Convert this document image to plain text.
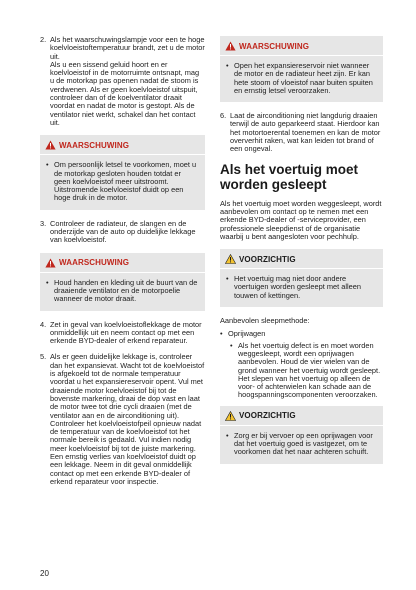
2. Als het waarschuwingslampje voor een te hoge koelvloeistoftemperatuur brandt, zet u de motor uit.

Als u een sissend geluid hoort en er koelvloeistof in de motorruimte ontsnapt, mag u de motorkap pas openen nadat de stoom is verdwenen. Als er geen koelvloeistof uitspuit, controleer dan of de koelventilator draait voordat en nadat de motor is gestopt. Als de ventilator niet werkt, schakel dan het contact uit.

WAARSCHUWING
• Om persoonlijk letsel te voorkomen, moet u de motorkap gesloten houden totdat er geen koelvloeistof meer uitstroomt. Uitstromende koelvloeistof duidt op een hoge druk in de motor.
3. Controleer de radiateur, de slangen en de onderzijde van de auto op duidelijke lekkage van koelvloeistof.
WAARSCHUWING
• Houd handen en kleding uit de buurt van de draaiende ventilator en de motorpoelie wanneer de motor draait.
4. Zet in geval van koelvloeistoflekkage de motor onmiddellijk uit en neem contact op met een erkende BYD-dealer of erkend reparateur.
5. Als er geen duidelijke lekkage is, controleer dan het expansievat. Wacht tot de koelvloeistof is afgekoeld tot de normale temperatuur voordat u het expansiereservoir opent. Vul met draaiende motor koelvloeistof bij tot de bovenste markering, draai de dop vast en laat de motor twee tot drie cycli draaien (met de ventilator aan en de airconditioning uit). Controleer het koelvloeistofpeil opnieuw nadat de temperatuur van de koelvloeistof tot het normale bereik is gedaald. Vul indien nodig meer koelvloeistof bij tot de juiste markering. Een ernstig verlies van koelvloeistof duidt op een lekkage. Neem in dit geval onmiddellijk contact op met een erkende BYD-dealer of erkend reparateur voor inspectie.
WAARSCHUWING
• Open het expansiereservoir niet wanneer de motor en de radiateur heet zijn. Er kan hete stoom of vloeistof naar buiten spuiten en ernstig letsel veroorzaken.
6. Laat de airconditioning niet langdurig draaien terwijl de auto geparkeerd staat. Hierdoor kan het motortoerental toenemen en kan de motor oververhit raken, wat kan leiden tot brand of een ongeval.
Als het voertuig moet worden gesleept

Als het voertuig moet worden weggesleept, wordt aanbevolen om contact op te nemen met een erkende BYD-dealer of -serviceprovider, een professionele sleepdienst of de organisatie waarbij u bent aangesloten voor pechhulp.

VOORZICHTIG
• Het voertuig mag niet door andere voertuigen worden gesleept met alleen touwen of kettingen.

Aanbevolen sleepmethode:

• Oprijwagen
• Als het voertuig defect is en moet worden weggesleept, wordt een oprijwagen aanbevolen. Houd de vier wielen van de grond wanneer het voertuig wordt gesleept. Het slepen van het voertuig op alleen de voor- of achterwielen kan schade aan de hoogspanningscomponenten veroorzaken.
VOORZICHTIG
• Zorg er bij vervoer op een oprijwagen voor dat het voertuig goed is vastgezet, om te voorkomen dat het naar achteren schuift.
20
